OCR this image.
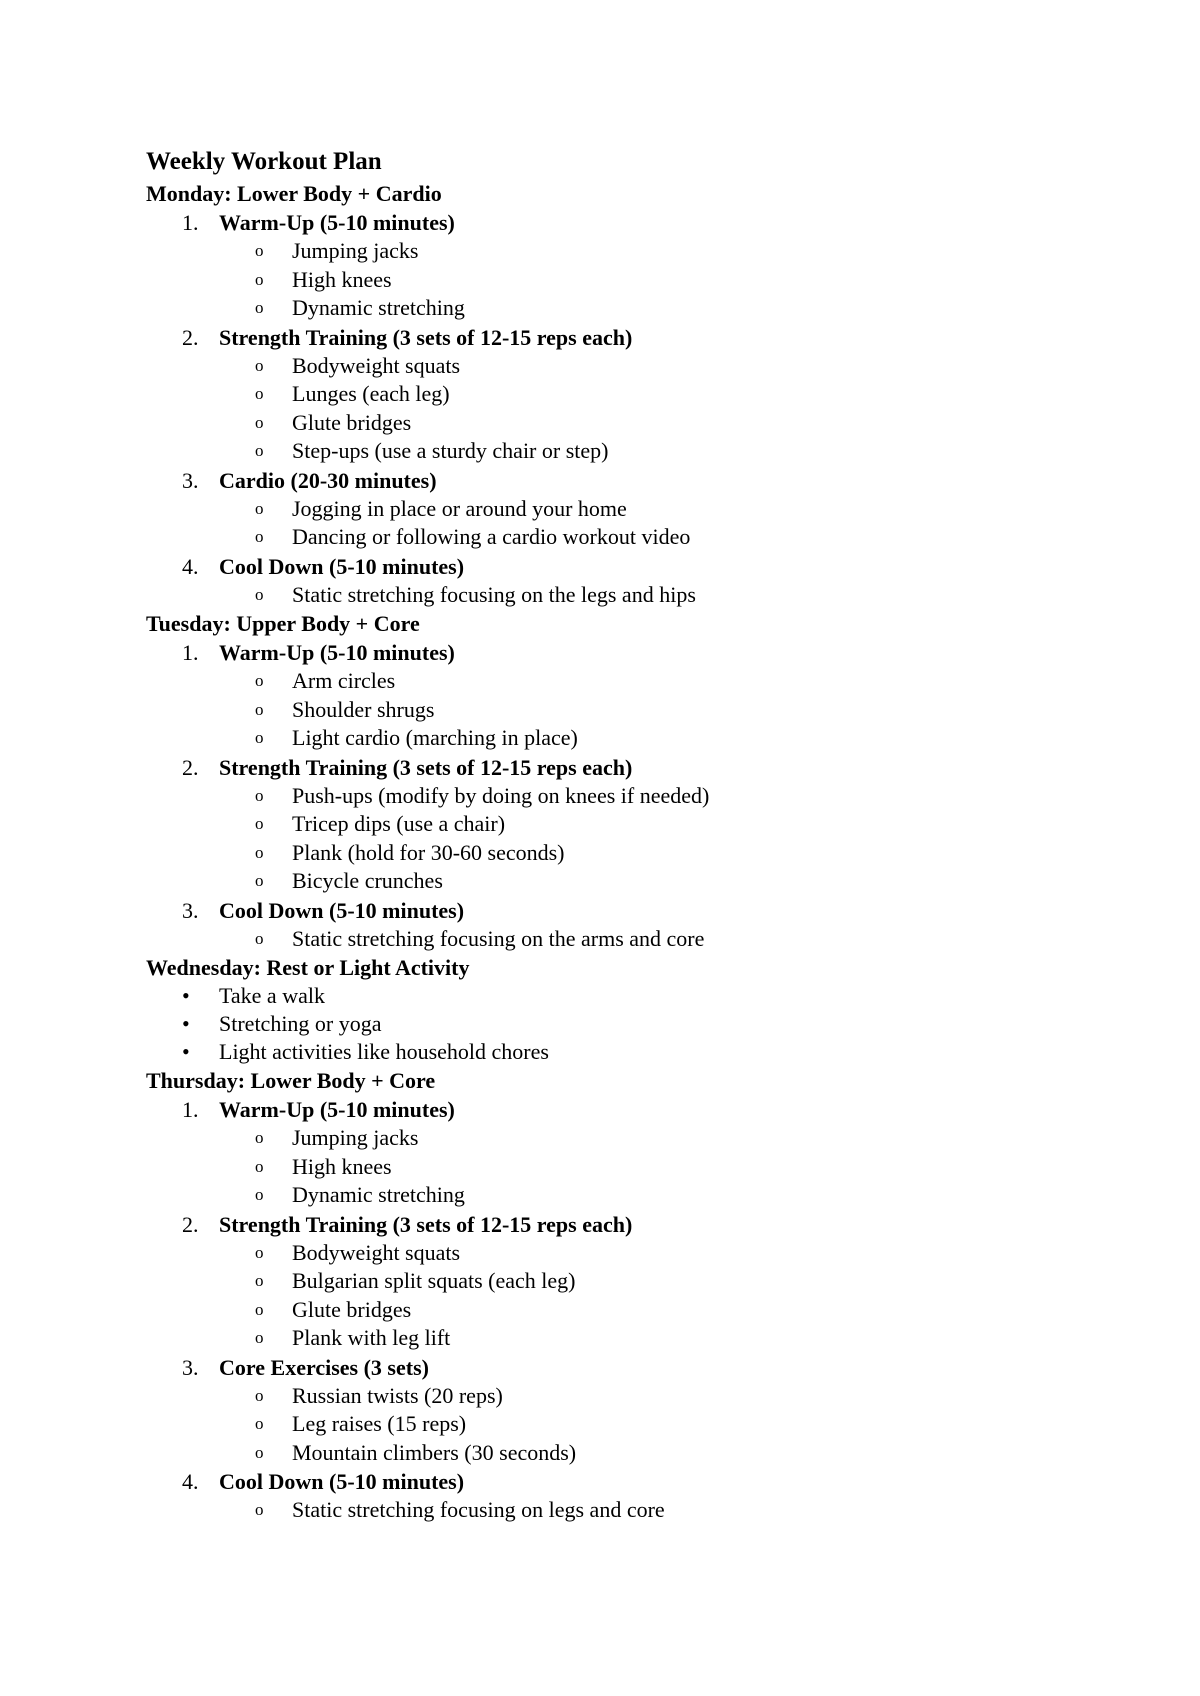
Weekly Workout Plan
Monday: Lower Body + Cardio
1. Warm-Up (5-10 minutes)
o Jumping jacks
o High knees
o Dynamic stretching
2. Strength Training (3 sets of 12-15 reps each)
o Bodyweight squats
o Lunges (each leg)
o Glute bridges
o Step-ups (use a sturdy chair or step)
3. Cardio (20-30 minutes)
o Jogging in place or around your home
o Dancing or following a cardio workout video
4. Cool Down (5-10 minutes)
o Static stretching focusing on the legs and hips
Tuesday: Upper Body + Core
1. Warm-Up (5-10 minutes)
o Arm circles
o Shoulder shrugs
o Light cardio (marching in place)
2. Strength Training (3 sets of 12-15 reps each)
o Push-ups (modify by doing on knees if needed)
o Tricep dips (use a chair)
o Plank (hold for 30-60 seconds)
o Bicycle crunches
3. Cool Down (5-10 minutes)
o Static stretching focusing on the arms and core
Wednesday: Rest or Light Activity
• Take a walk
• Stretching or yoga
• Light activities like household chores
Thursday: Lower Body + Core
1. Warm-Up (5-10 minutes)
o Jumping jacks
o High knees
o Dynamic stretching
2. Strength Training (3 sets of 12-15 reps each)
o Bodyweight squats
o Bulgarian split squats (each leg)
o Glute bridges
o Plank with leg lift
3. Core Exercises (3 sets)
o Russian twists (20 reps)
o Leg raises (15 reps)
o Mountain climbers (30 seconds)
4. Cool Down (5-10 minutes)
o Static stretching focusing on legs and core
